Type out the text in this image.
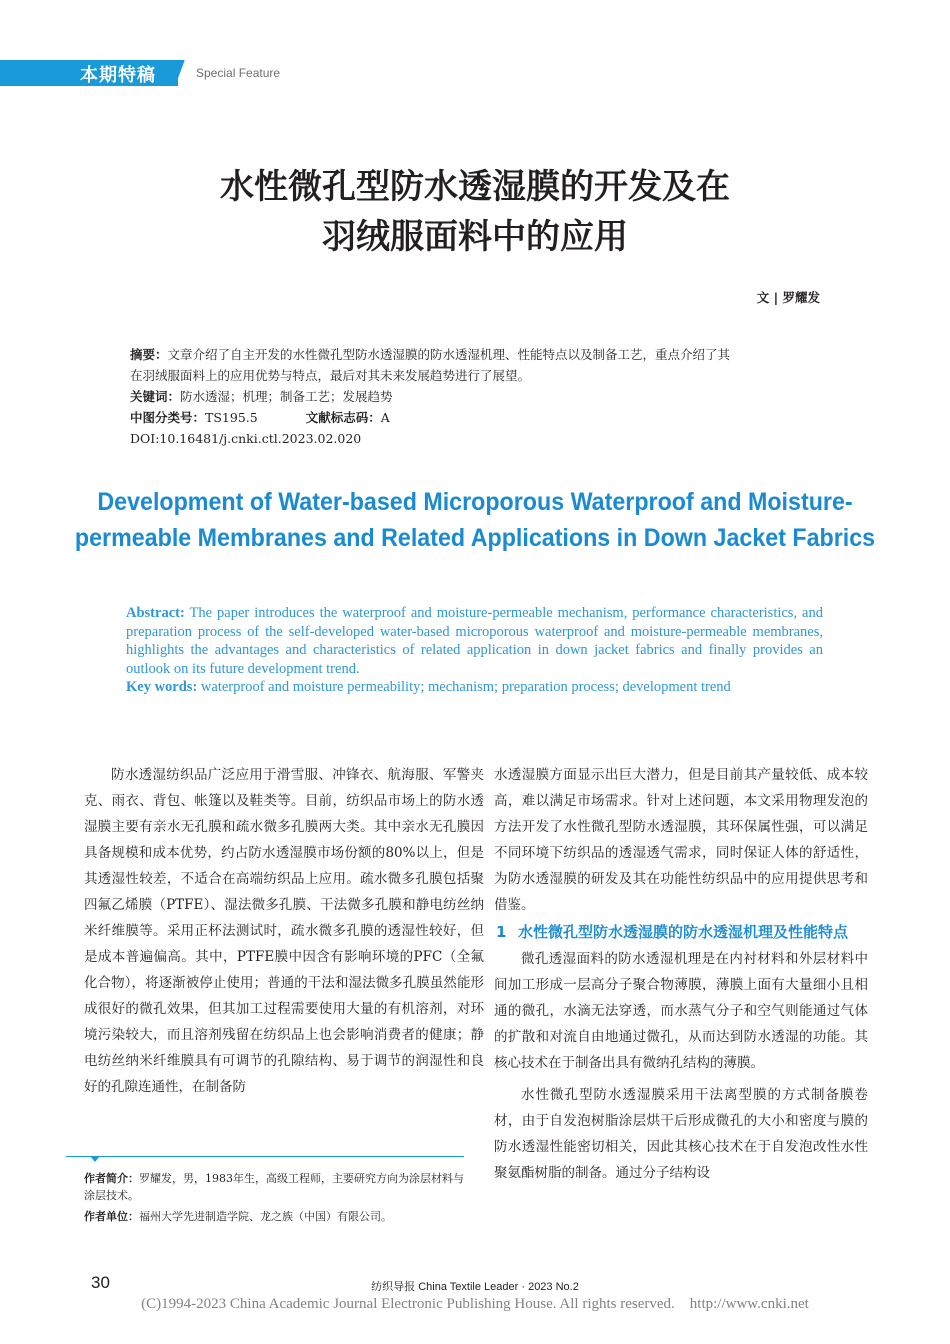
本期特稿	Special Feature
水性微孔型防水透湿膜的开发及在
羽绒服面料中的应用
文 | 罗耀发
摘要：文章介绍了自主开发的水性微孔型防水透湿膜的防水透湿机理、性能特点以及制备工艺，重点介绍了其
在羽绒服面料上的应用优势与特点，最后对其未来发展趋势进行了展望。
关键词：防水透湿；机理；制备工艺；发展趋势
中图分类号：TS195.5	文献标志码：A
DOI:10.16481/j.cnki.ctl.2023.02.020
Development of Water-based Microporous Waterproof and Moisture-
permeable Membranes and Related Applications in Down Jacket Fabrics
Abstract: The paper introduces the waterproof and moisture-permeable mechanism, performance characteristics, and preparation process of the self-developed water-based microporous waterproof and moisture-permeable membranes, highlights the advantages and characteristics of related application in down jacket fabrics and finally provides an outlook on its future development trend.
Key words: waterproof and moisture permeability; mechanism; preparation process; development trend

防水透湿纺织品广泛应用于滑雪服、冲锋衣、航海服、军警夹克、雨衣、背包、帐篷以及鞋类等。目前，纺织品市场上的防水透湿膜主要有亲水无孔膜和疏水微多孔膜两大类。其中亲水无孔膜因具备规模和成本优势，约占防水透湿膜市场份额的80%以上，但是其透湿性较差，不适合在高端纺织品上应用。疏水微多孔膜包括聚四氟乙烯膜（PTFE）、湿法微多孔膜、干法微多孔膜和静电纺丝纳米纤维膜等。采用正杯法测试时，疏水微多孔膜的透湿性较好，但是成本普遍偏高。其中，PTFE膜中因含有影响环境的PFC（全氟化合物），将逐渐被停止使用；普通的干法和湿法微多孔膜虽然能形成很好的微孔效果，但其加工过程需要使用大量的有机溶剂，对环境污染较大，而且溶剂残留在纺织品上也会影响消费者的健康；静电纺丝纳米纤维膜具有可调节的孔隙结构、易于调节的润湿性和良好的孔隙连通性，在制备防

水透湿膜方面显示出巨大潜力，但是目前其产量较低、成本较高，难以满足市场需求。针对上述问题，本文采用物理发泡的方法开发了水性微孔型防水透湿膜，其环保属性强，可以满足不同环境下纺织品的透湿透气需求，同时保证人体的舒适性，为防水透湿膜的研发及其在功能性纺织品中的应用提供思考和借鉴。

1 水性微孔型防水透湿膜的防水透湿机理及性能特点

微孔透湿面料的防水透湿机理是在内衬材料和外层材料中间加工形成一层高分子聚合物薄膜，薄膜上面有大量细小且相通的微孔，水滴无法穿透，而水蒸气分子和空气则能通过气体的扩散和对流自由地通过微孔，从而达到防水透湿的功能。其核心技术在于制备出具有微纳孔结构的薄膜。

水性微孔型防水透湿膜采用干法离型膜的方式制备膜卷材，由于自发泡树脂涂层烘干后形成微孔的大小和密度与膜的防水透湿性能密切相关，因此其核心技术在于自发泡改性水性聚氨酯树脂的制备。通过分子结构设

作者简介：罗耀发，男，1983年生，高级工程师，主要研究方向为涂层材料与涂层技术。
作者单位：福州大学先进制造学院、龙之族（中国）有限公司。
30	纺织导报 China Textile Leader · 2023 No.2
(C)1994-2023 China Academic Journal Electronic Publishing House. All rights reserved.    http://www.cnki.net
